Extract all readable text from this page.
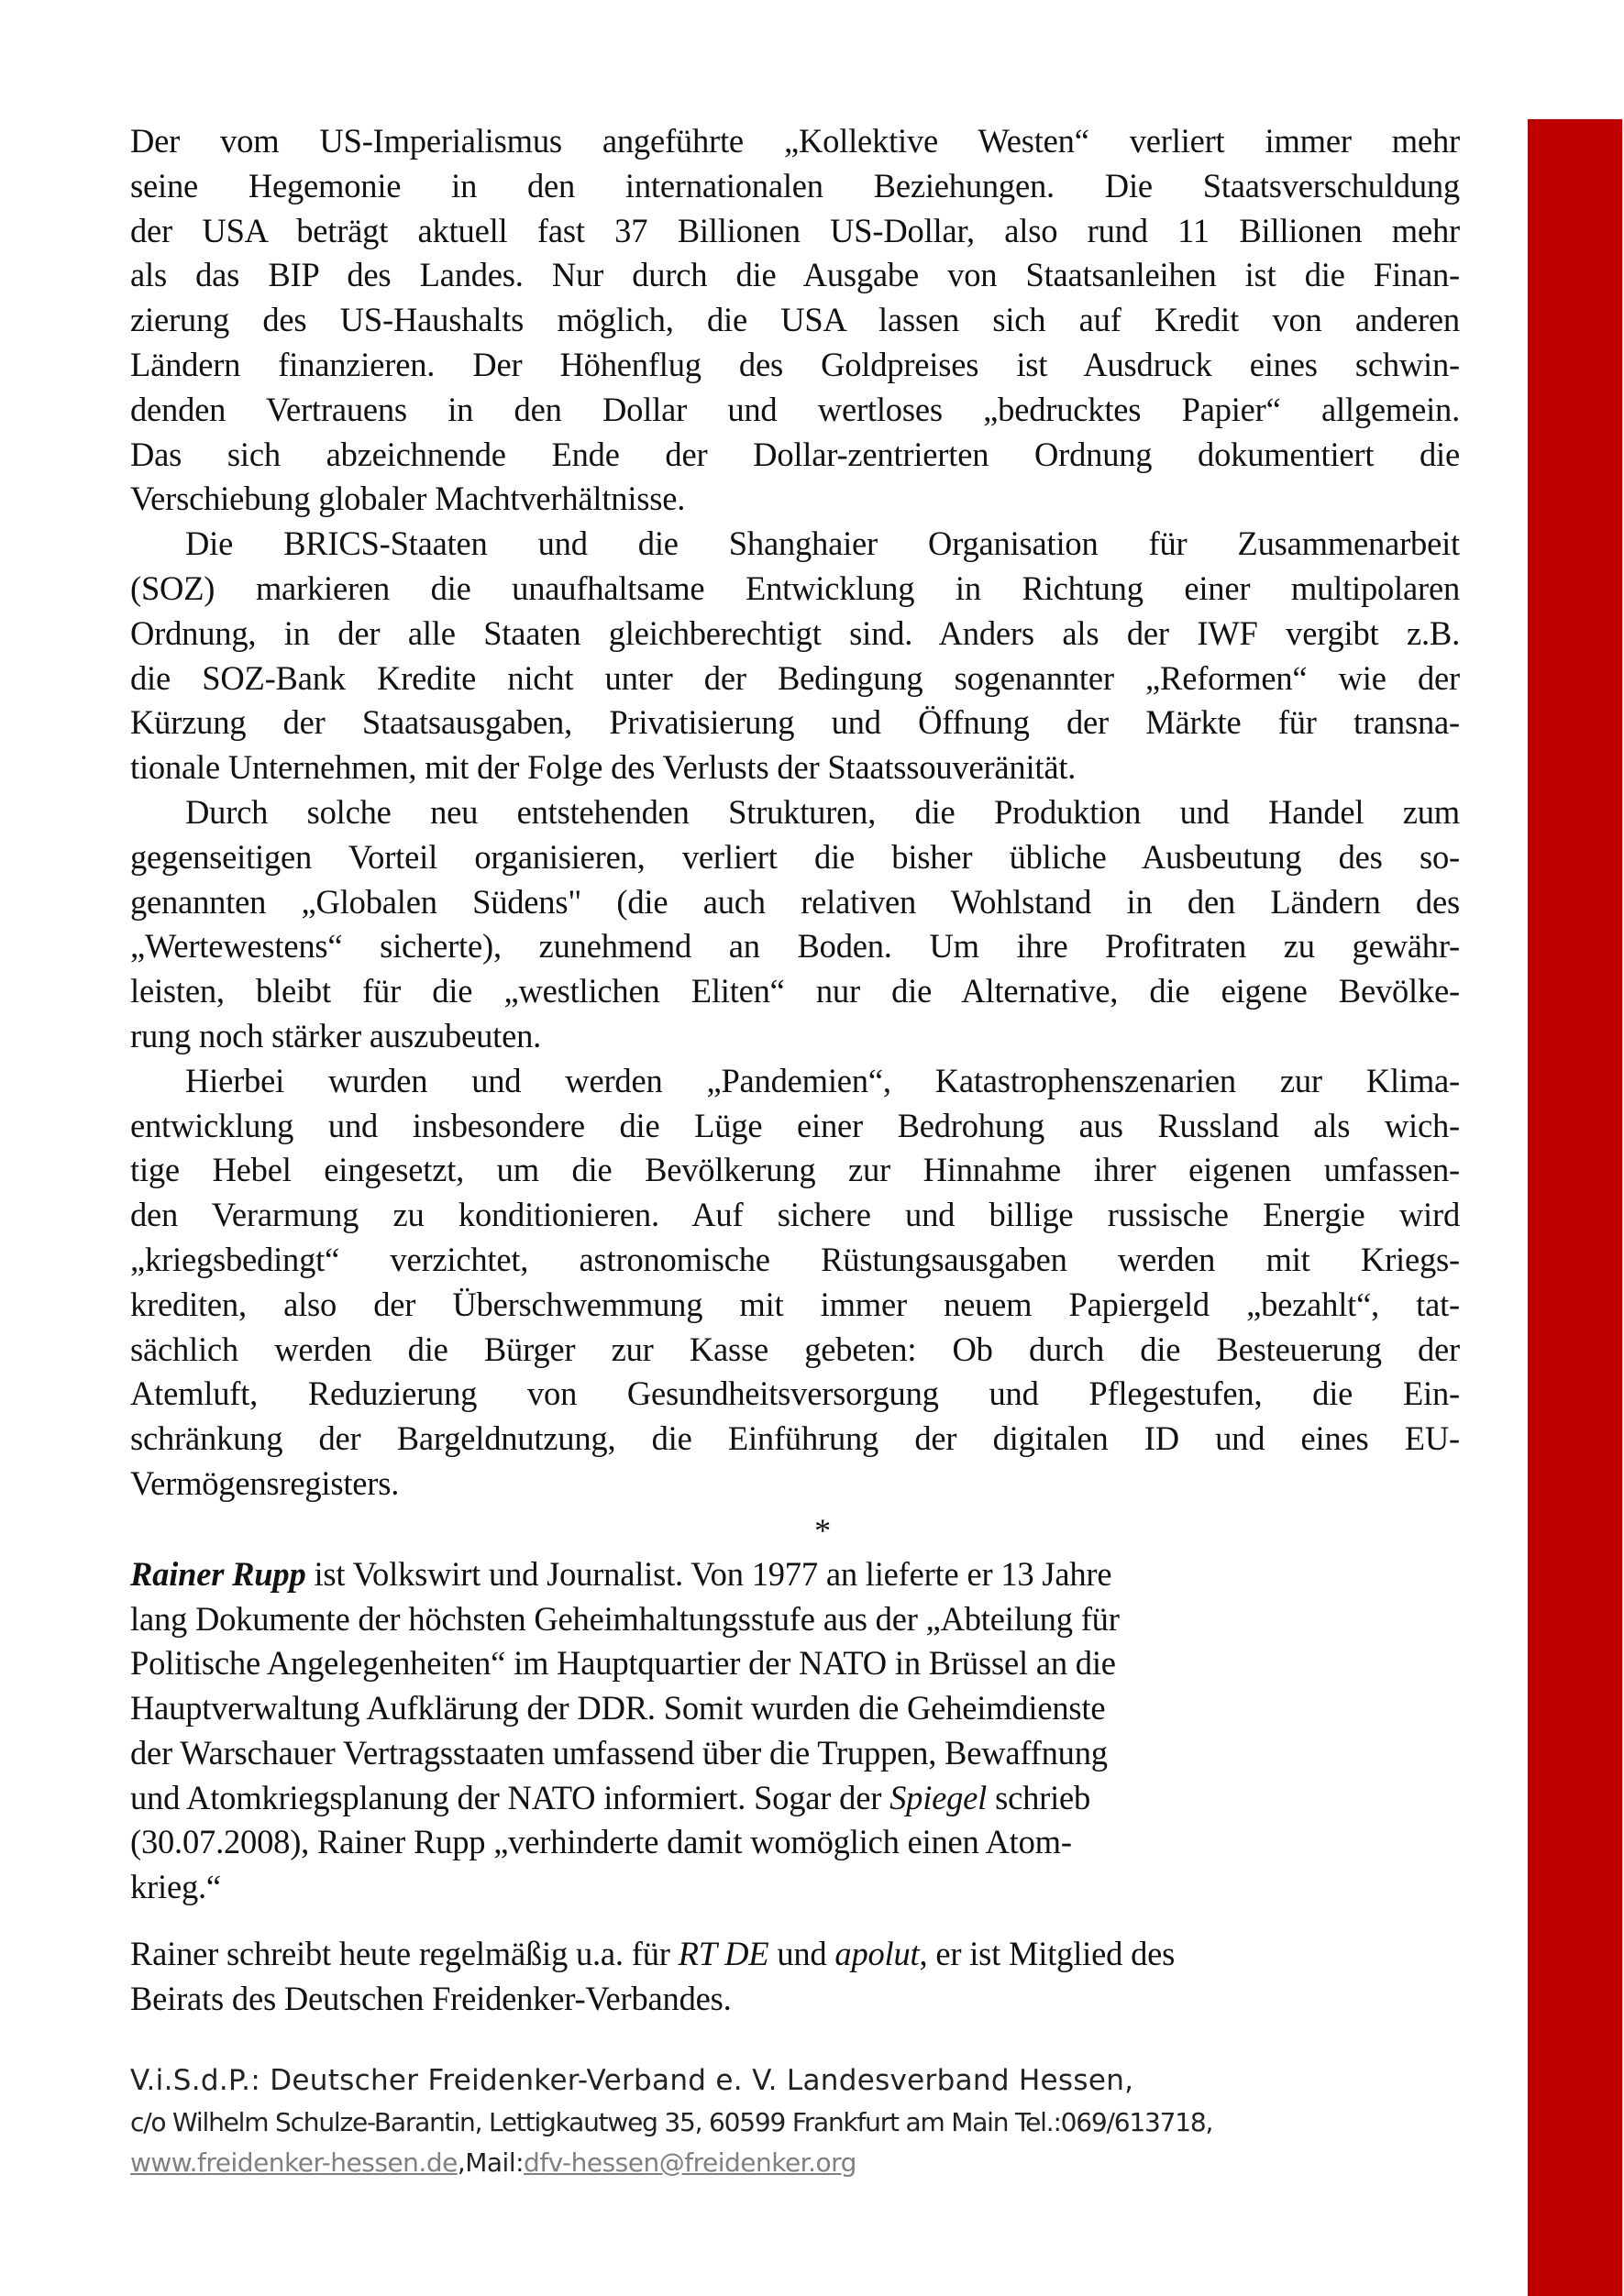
Der vom US-Imperialismus angeführte „Kollektive Westen“ verliert immer mehr
seine Hegemonie in den internationalen Beziehungen. Die Staatsverschuldung
der USA beträgt aktuell fast 37 Billionen US-Dollar, also rund 11 Billionen mehr
als das BIP des Landes. Nur durch die Ausgabe von Staatsanleihen ist die Finan-
zierung des US-Haushalts möglich, die USA lassen sich auf Kredit von anderen
Ländern finanzieren. Der Höhenflug des Goldpreises ist Ausdruck eines schwin-
denden Vertrauens in den Dollar und wertloses „bedrucktes Papier“ allgemein.
Das sich abzeichnende Ende der Dollar-zentrierten Ordnung dokumentiert die
Verschiebung globaler Machtverhältnisse.

Die BRICS-Staaten und die Shanghaier Organisation für Zusammenarbeit
(SOZ) markieren die unaufhaltsame Entwicklung in Richtung einer multipolaren
Ordnung, in der alle Staaten gleichberechtigt sind. Anders als der IWF vergibt z.B.
die SOZ-Bank Kredite nicht unter der Bedingung sogenannter „Reformen“ wie der
Kürzung der Staatsausgaben, Privatisierung und Öffnung der Märkte für transna-
tionale Unternehmen, mit der Folge des Verlusts der Staatssouveränität.

Durch solche neu entstehenden Strukturen, die Produktion und Handel zum
gegenseitigen Vorteil organisieren, verliert die bisher übliche Ausbeutung des so-
genannten „Globalen Südens" (die auch relativen Wohlstand in den Ländern des
„Wertewestens“ sicherte), zunehmend an Boden. Um ihre Profitraten zu gewähr-
leisten, bleibt für die „westlichen Eliten“ nur die Alternative, die eigene Bevölke-
rung noch stärker auszubeuten.

Hierbei wurden und werden „Pandemien“, Katastrophenszenarien zur Klima-
entwicklung und insbesondere die Lüge einer Bedrohung aus Russland als wich-
tige Hebel eingesetzt, um die Bevölkerung zur Hinnahme ihrer eigenen umfassen-
den Verarmung zu konditionieren. Auf sichere und billige russische Energie wird
„kriegsbedingt“ verzichtet, astronomische Rüstungsausgaben werden mit Kriegs-
krediten, also der Überschwemmung mit immer neuem Papiergeld „bezahlt“, tat-
sächlich werden die Bürger zur Kasse gebeten: Ob durch die Besteuerung der
Atemluft, Reduzierung von Gesundheitsversorgung und Pflegestufen, die Ein-
schränkung der Bargeldnutzung, die Einführung der digitalen ID und eines EU-
Vermögensregisters.

*
Rainer Rupp ist Volkswirt und Journalist. Von 1977 an lieferte er 13 Jahre
lang Dokumente der höchsten Geheimhaltungsstufe aus der „Abteilung für
Politische Angelegenheiten“ im Hauptquartier der NATO in Brüssel an die
Hauptverwaltung Aufklärung der DDR. Somit wurden die Geheimdienste
der Warschauer Vertragsstaaten umfassend über die Truppen, Bewaffnung
und Atomkriegsplanung der NATO informiert. Sogar der Spiegel schrieb
(30.07.2008), Rainer Rupp „verhinderte damit womöglich einen Atom-
krieg.“
Rainer schreibt heute regelmäßig u.a. für RT DE und apolut, er ist Mitglied des
Beirats des Deutschen Freidenker-Verbandes.
V.i.S.d.P.: Deutscher Freidenker-Verband e. V. Landesverband Hessen,
c/o Wilhelm Schulze-Barantin, Lettigkautweg 35, 60599 Frankfurt am Main Tel.:069/613718,
www.freidenker-hessen.de,Mail:dfv-hessen@freidenker.org
